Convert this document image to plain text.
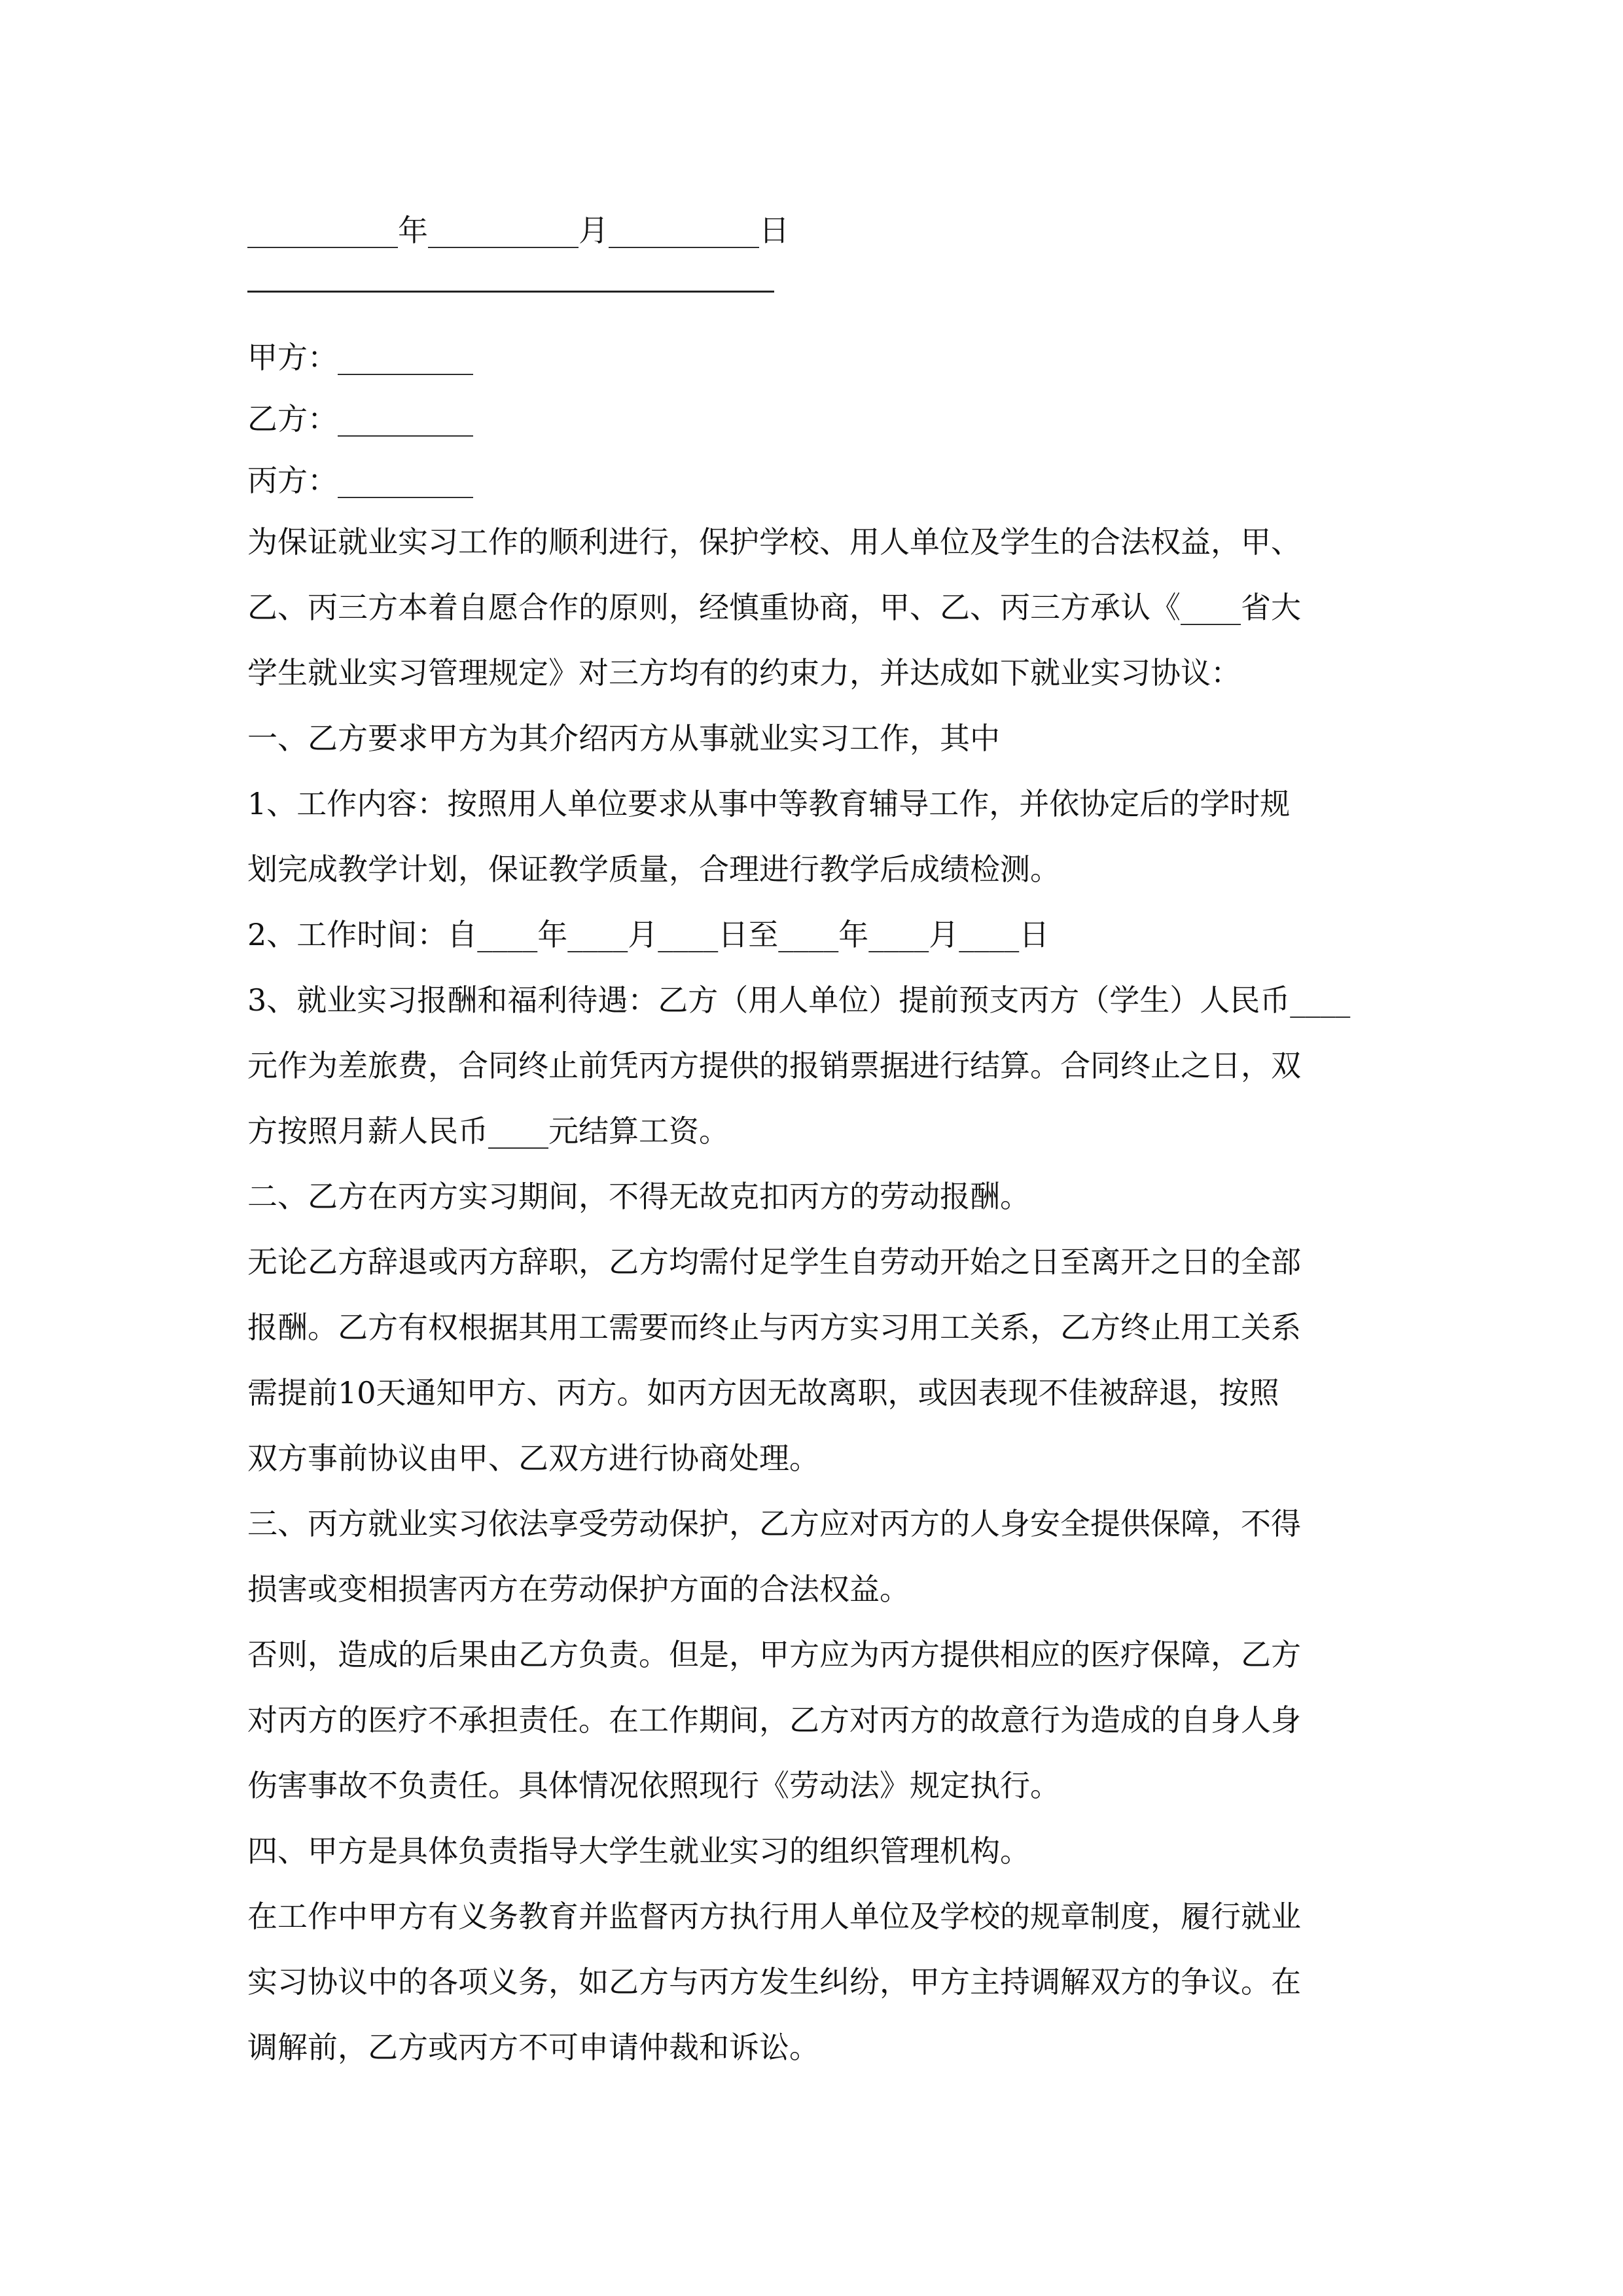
__________年__________月__________日
甲方：_________
乙方：_________
丙方：_________
为保证就业实习工作的顺利进行，保护学校、用人单位及学生的合法权益，甲、
乙、丙三方本着自愿合作的原则，经慎重协商，甲、乙、丙三方承认《____省大
学生就业实习管理规定》对三方均有的约束力，并达成如下就业实习协议：
一、乙方要求甲方为其介绍丙方从事就业实习工作，其中
1、工作内容：按照用人单位要求从事中等教育辅导工作，并依协定后的学时规
划完成教学计划，保证教学质量，合理进行教学后成绩检测。
2、工作时间：自____年____月____日至____年____月____日
3、就业实习报酬和福利待遇：乙方（用人单位）提前预支丙方（学生）人民币____
元作为差旅费，合同终止前凭丙方提供的报销票据进行结算。合同终止之日，双
方按照月薪人民币____元结算工资。
二、乙方在丙方实习期间，不得无故克扣丙方的劳动报酬。
无论乙方辞退或丙方辞职，乙方均需付足学生自劳动开始之日至离开之日的全部
报酬。乙方有权根据其用工需要而终止与丙方实习用工关系，乙方终止用工关系
需提前10天通知甲方、丙方。如丙方因无故离职，或因表现不佳被辞退，按照
双方事前协议由甲、乙双方进行协商处理。
三、丙方就业实习依法享受劳动保护，乙方应对丙方的人身安全提供保障，不得
损害或变相损害丙方在劳动保护方面的合法权益。
否则，造成的后果由乙方负责。但是，甲方应为丙方提供相应的医疗保障，乙方
对丙方的医疗不承担责任。在工作期间，乙方对丙方的故意行为造成的自身人身
伤害事故不负责任。具体情况依照现行《劳动法》规定执行。
四、甲方是具体负责指导大学生就业实习的组织管理机构。
在工作中甲方有义务教育并监督丙方执行用人单位及学校的规章制度，履行就业
实习协议中的各项义务，如乙方与丙方发生纠纷，甲方主持调解双方的争议。在
调解前，乙方或丙方不可申请仲裁和诉讼。
